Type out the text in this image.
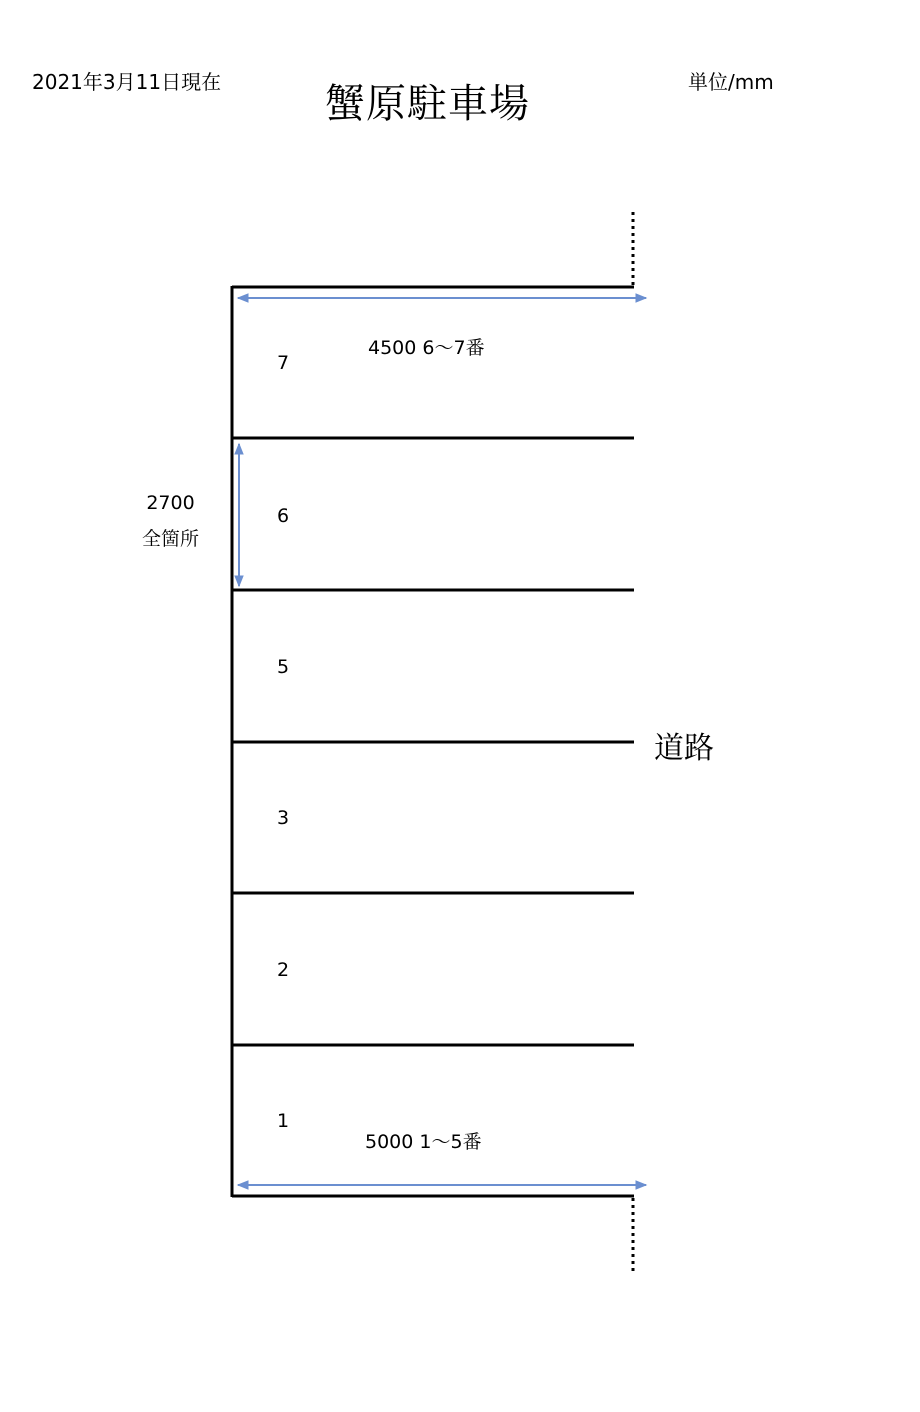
2021年3月11日現在	蟹原駐車場	単位/mm
4500 6〜7番
5000 1〜5番
2700
全箇所
道路
7
6
5
3
2
1
